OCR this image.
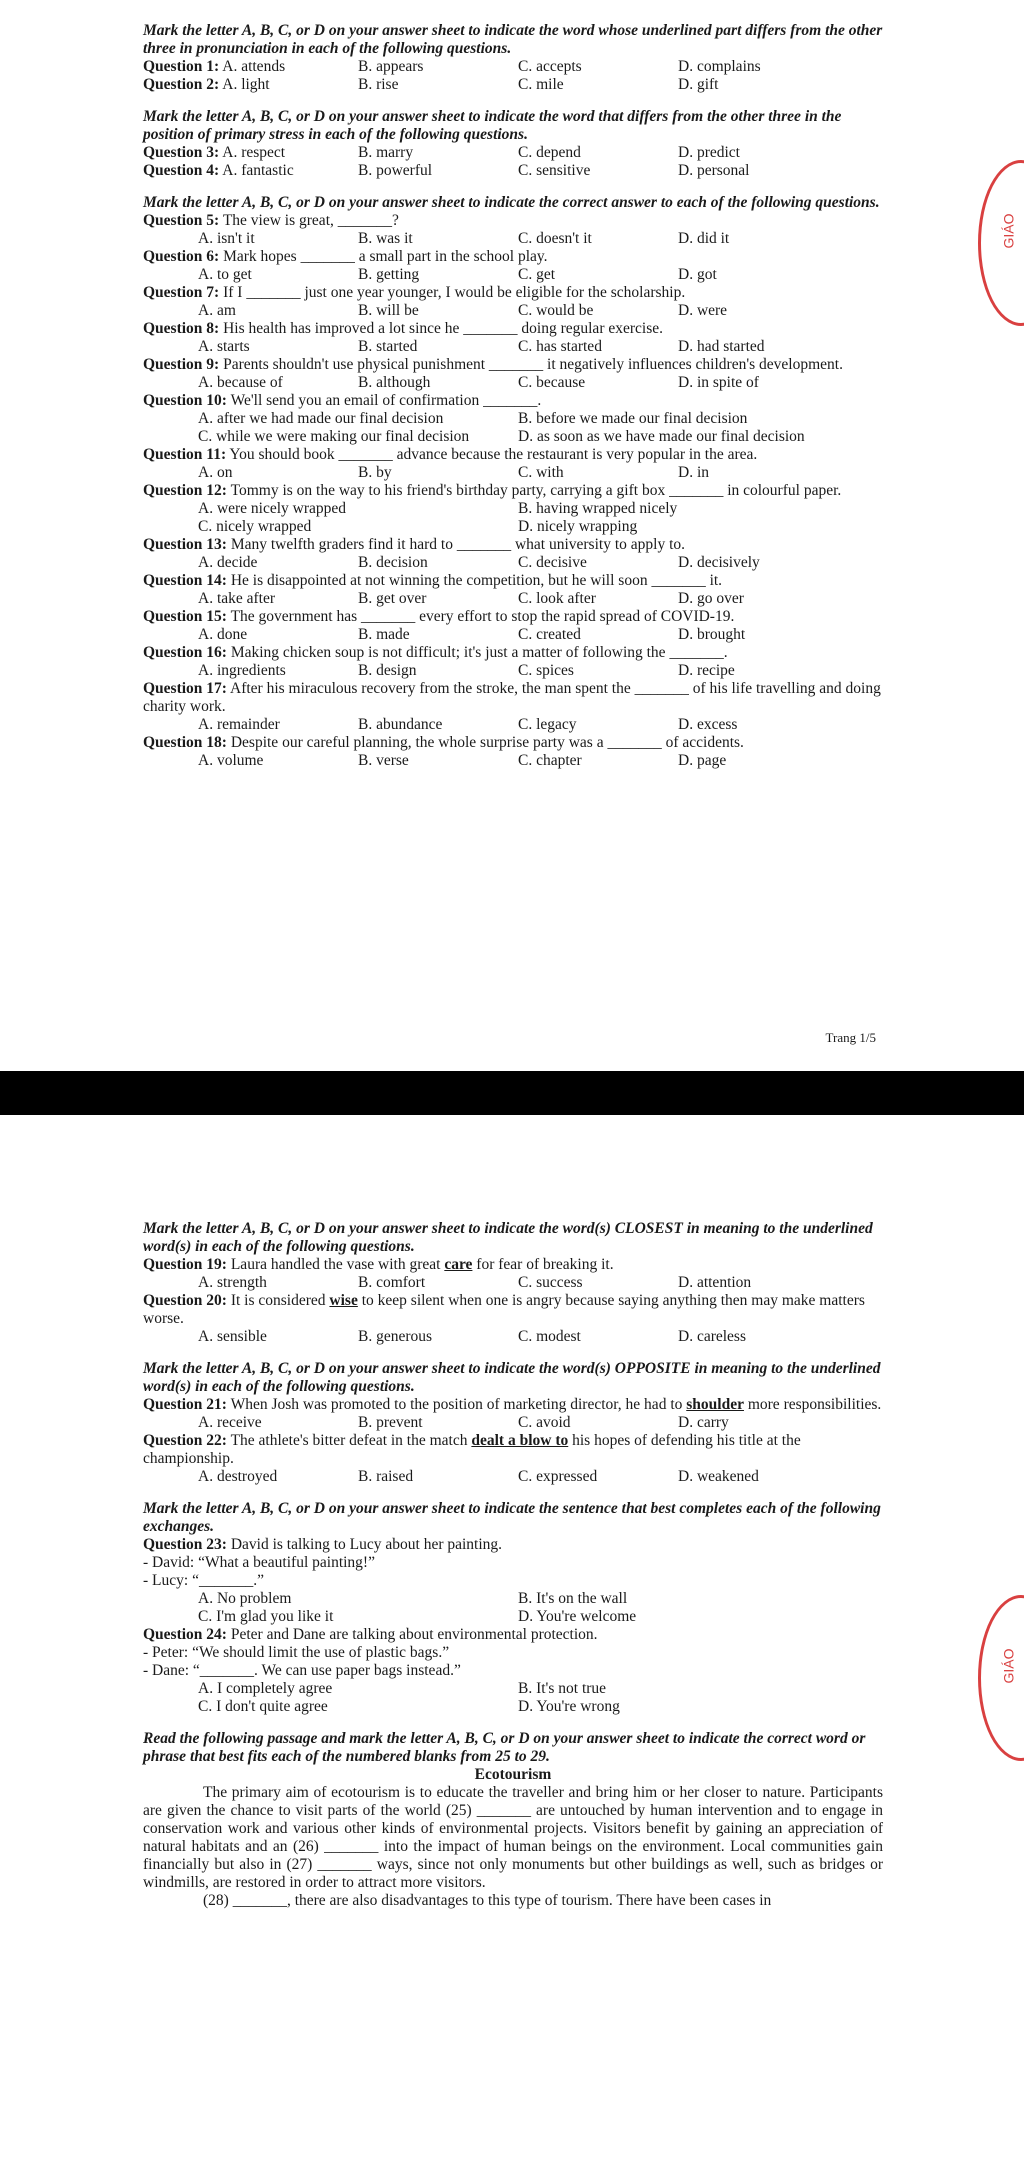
Mark the letter A, B, C, or D on your answer sheet to indicate the word whose underlined part differs from the other three in pronunciation in each of the following questions.

Question 1: A. attends	B. appears	C. accepts	D. complains
Question 2: A. light	B. rise	C. mile	D. gift

Mark the letter A, B, C, or D on your answer sheet to indicate the word that differs from the other three in the position of primary stress in each of the following questions.

Question 3: A. respect	B. marry	C. depend	D. predict
Question 4: A. fantastic	B. powerful	C. sensitive	D. personal

Mark the letter A, B, C, or D on your answer sheet to indicate the correct answer to each of the following questions.

Question 5: The view is great, _______?

A. isn't it	B. was it	C. doesn't it	D. did it

Question 6: Mark hopes _______ a small part in the school play.

A. to get	B. getting	C. get	D. got

Question 7: If I _______ just one year younger, I would be eligible for the scholarship.

A. am	B. will be	C. would be	D. were

Question 8: His health has improved a lot since he _______ doing regular exercise.

A. starts	B. started	C. has started	D. had started

Question 9: Parents shouldn't use physical punishment _______ it negatively influences children's development.

A. because of	B. although	C. because	D. in spite of

Question 10: We'll send you an email of confirmation _______.

A. after we had made our final decision	B. before we made our final decision
C. while we were making our final decision	D. as soon as we have made our final decision

Question 11: You should book _______ advance because the restaurant is very popular in the area.

A. on	B. by	C. with	D. in

Question 12: Tommy is on the way to his friend's birthday party, carrying a gift box _______ in colourful paper.

A. were nicely wrapped	B. having wrapped nicely
C. nicely wrapped	D. nicely wrapping

Question 13: Many twelfth graders find it hard to _______ what university to apply to.

A. decide	B. decision	C. decisive	D. decisively

Question 14: He is disappointed at not winning the competition, but he will soon _______ it.

A. take after	B. get over	C. look after	D. go over

Question 15: The government has _______ every effort to stop the rapid spread of COVID-19.

A. done	B. made	C. created	D. brought

Question 16: Making chicken soup is not difficult; it's just a matter of following the _______.

A. ingredients	B. design	C. spices	D. recipe

Question 17: After his miraculous recovery from the stroke, the man spent the _______ of his life travelling and doing charity work.

A. remainder	B. abundance	C. legacy	D. excess

Question 18: Despite our careful planning, the whole surprise party was a _______ of accidents.

A. volume	B. verse	C. chapter	D. page
Trang 1/5
GIÁO

Mark the letter A, B, C, or D on your answer sheet to indicate the word(s) CLOSEST in meaning to the underlined word(s) in each of the following questions.

Question 19: Laura handled the vase with great care for fear of breaking it.

A. strength	B. comfort	C. success	D. attention

Question 20: It is considered wise to keep silent when one is angry because saying anything then may make matters worse.

A. sensible	B. generous	C. modest	D. careless

Mark the letter A, B, C, or D on your answer sheet to indicate the word(s) OPPOSITE in meaning to the underlined word(s) in each of the following questions.

Question 21: When Josh was promoted to the position of marketing director, he had to shoulder more responsibilities.

A. receive	B. prevent	C. avoid	D. carry

Question 22: The athlete's bitter defeat in the match dealt a blow to his hopes of defending his title at the championship.

A. destroyed	B. raised	C. expressed	D. weakened

Mark the letter A, B, C, or D on your answer sheet to indicate the sentence that best completes each of the following exchanges.

Question 23: David is talking to Lucy about her painting.

- David: “What a beautiful painting!”

- Lucy: “_______.”

A. No problem	B. It's on the wall
C. I'm glad you like it	D. You're welcome

Question 24: Peter and Dane are talking about environmental protection.

- Peter: “We should limit the use of plastic bags.”

- Dane: “_______. We can use paper bags instead.”

A. I completely agree	B. It's not true
C. I don't quite agree	D. You're wrong

Read the following passage and mark the letter A, B, C, or D on your answer sheet to indicate the correct word or phrase that best fits each of the numbered blanks from 25 to 29.

Ecotourism

The primary aim of ecotourism is to educate the traveller and bring him or her closer to nature. Participants are given the chance to visit parts of the world (25) _______ are untouched by human intervention and to engage in conservation work and various other kinds of environmental projects. Visitors benefit by gaining an appreciation of natural habitats and an (26) _______ into the impact of human beings on the environment. Local communities gain financially but also in (27) _______ ways, since not only monuments but other buildings as well, such as bridges or windmills, are restored in order to attract more visitors.

(28) _______, there are also disadvantages to this type of tourism. There have been cases in

GIÁO
